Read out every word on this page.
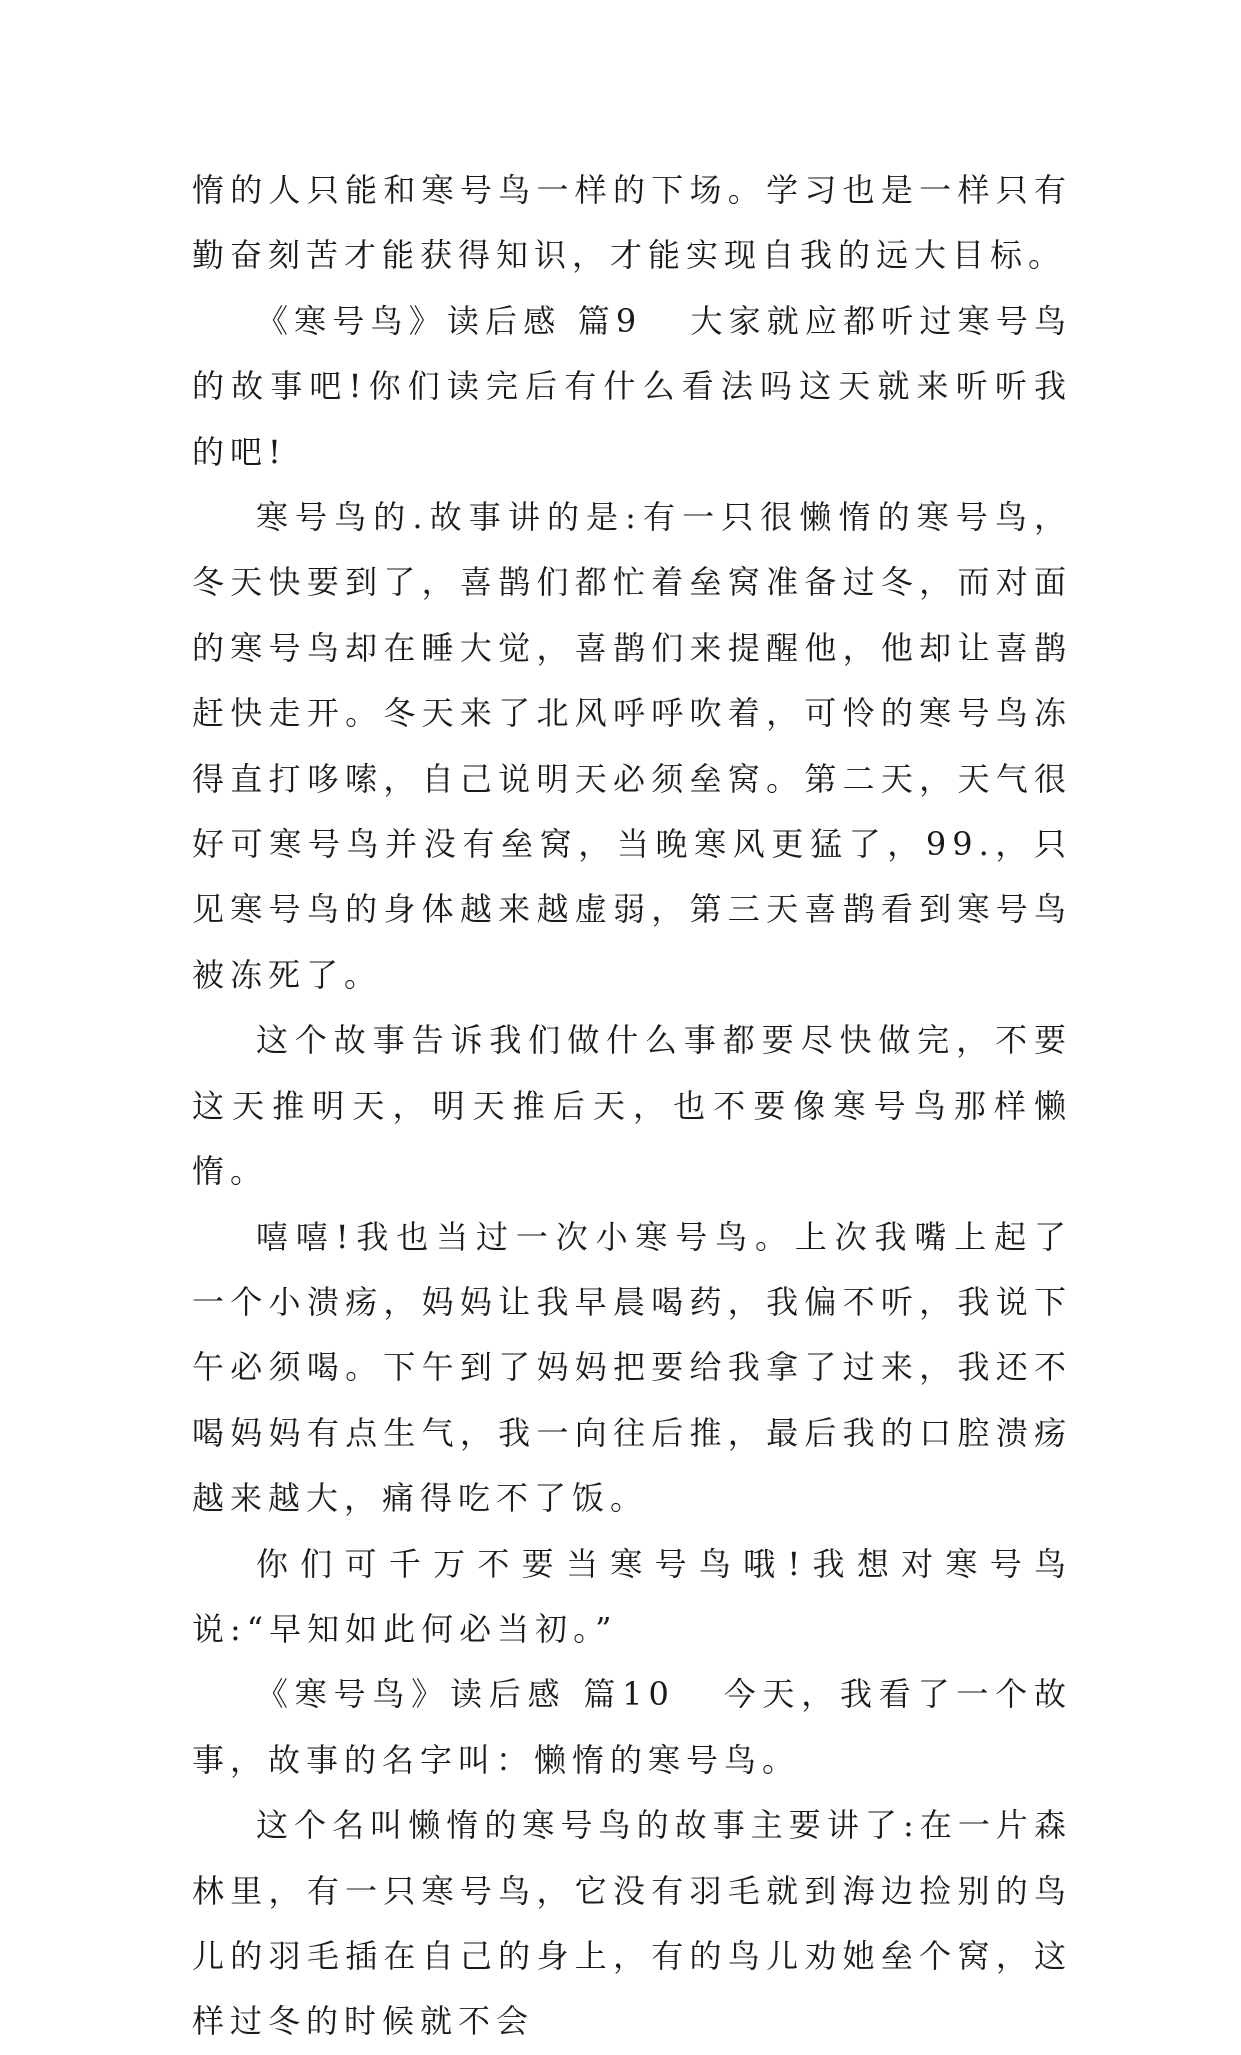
惰的人只能和寒号鸟一样的下场。学习也是一样只有勤奋刻苦才能获得知识，才能实现自我的远大目标。

《寒号鸟》读后感 篇9 大家就应都听过寒号鸟的故事吧!你们读完后有什么看法吗这天就来听听我的吧!

寒号鸟的.故事讲的是:有一只很懒惰的寒号鸟，冬天快要到了，喜鹊们都忙着垒窝准备过冬，而对面的寒号鸟却在睡大觉，喜鹊们来提醒他，他却让喜鹊赶快走开。冬天来了北风呼呼吹着，可怜的寒号鸟冻得直打哆嗦，自己说明天必须垒窝。第二天，天气很好可寒号鸟并没有垒窝，当晚寒风更猛了，99.，只见寒号鸟的身体越来越虚弱，第三天喜鹊看到寒号鸟被冻死了。

这个故事告诉我们做什么事都要尽快做完，不要这天推明天，明天推后天，也不要像寒号鸟那样懒惰。

嘻嘻!我也当过一次小寒号鸟。上次我嘴上起了一个小溃疡，妈妈让我早晨喝药，我偏不听，我说下午必须喝。下午到了妈妈把要给我拿了过来，我还不喝妈妈有点生气，我一向往后推，最后我的口腔溃疡越来越大，痛得吃不了饭。

你们可千万不要当寒号鸟哦!我想对寒号鸟说:“早知如此何必当初。”

《寒号鸟》读后感 篇10 今天，我看了一个故事，故事的名字叫：懒惰的寒号鸟。

这个名叫懒惰的寒号鸟的故事主要讲了:在一片森林里，有一只寒号鸟，它没有羽毛就到海边捡别的鸟儿的羽毛插在自己的身上，有的鸟儿劝她垒个窝，这样过冬的时候就不会
